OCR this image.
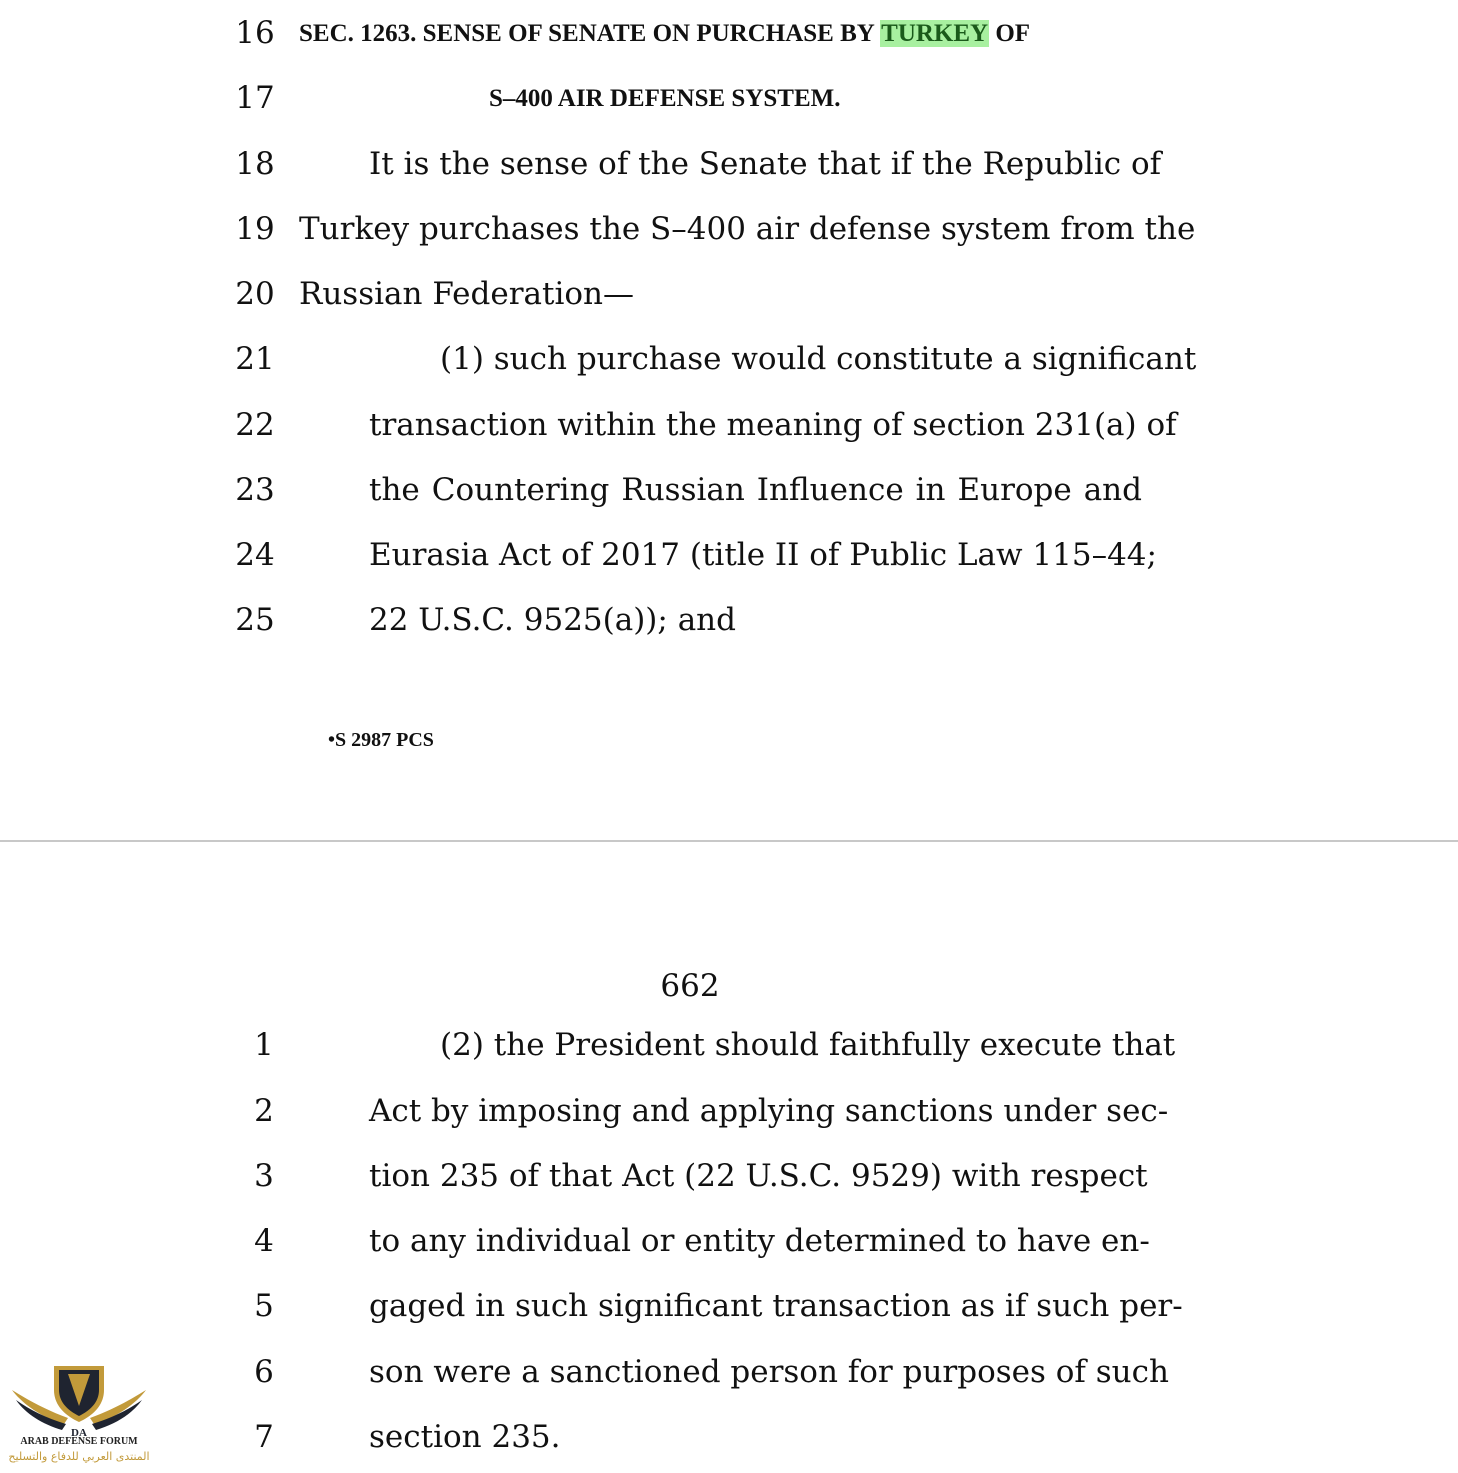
16 SEC. 1263. SENSE OF SENATE ON PURCHASE BY TURKEY OF
17	S–400 AIR DEFENSE SYSTEM.
18	It is the sense of the Senate that if the Republic of
19 Turkey purchases the S–400 air defense system from the
20 Russian Federation—
21	(1) such purchase would constitute a significant
22	transaction within the meaning of section 231(a) of
23	the Countering Russian Influence in Europe and
24	Eurasia Act of 2017 (title II of Public Law 115–44;
25	22 U.S.C. 9525(a)); and
•S 2987 PCS
662
1	(2) the President should faithfully execute that
2	Act by imposing and applying sanctions under sec-
3	tion 235 of that Act (22 U.S.C. 9529) with respect
4	to any individual or entity determined to have en-
5	gaged in such significant transaction as if such per-
6	son were a sanctioned person for purposes of such
7	section 235.
DA
ARAB DEFENSE FORUM
المنتدى العربي للدفاع والتسليح
